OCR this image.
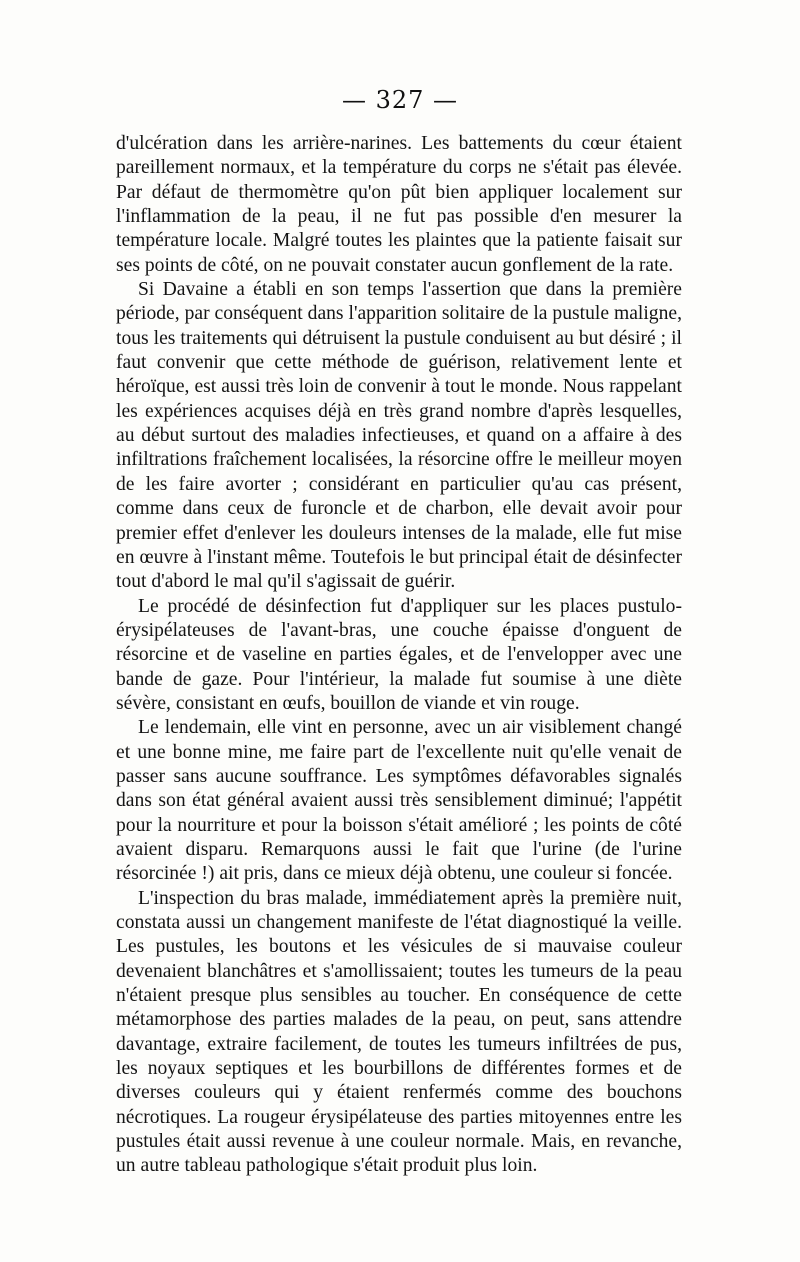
— 327 —

d'ulcération dans les arrière-narines. Les battements du cœur étaient pareillement normaux, et la température du corps ne s'était pas élevée. Par défaut de thermomètre qu'on pût bien appliquer localement sur l'inflammation de la peau, il ne fut pas possible d'en mesurer la température locale. Malgré toutes les plaintes que la patiente faisait sur ses points de côté, on ne pouvait constater aucun gonflement de la rate.

Si Davaine a établi en son temps l'assertion que dans la première période, par conséquent dans l'apparition solitaire de la pustule maligne, tous les traitements qui détruisent la pustule conduisent au but désiré ; il faut convenir que cette méthode de guérison, relativement lente et héroïque, est aussi très loin de convenir à tout le monde. Nous rappelant les expériences acquises déjà en très grand nombre d'après lesquelles, au début surtout des maladies infectieuses, et quand on a affaire à des infiltrations fraîchement localisées, la résorcine offre le meilleur moyen de les faire avorter ; considérant en particulier qu'au cas présent, comme dans ceux de furoncle et de charbon, elle devait avoir pour premier effet d'enlever les douleurs intenses de la malade, elle fut mise en œuvre à l'instant même. Toutefois le but principal était de désinfecter tout d'abord le mal qu'il s'agissait de guérir.

Le procédé de désinfection fut d'appliquer sur les places pustulo-érysipélateuses de l'avant-bras, une couche épaisse d'onguent de résorcine et de vaseline en parties égales, et de l'envelopper avec une bande de gaze. Pour l'intérieur, la malade fut soumise à une diète sévère, consistant en œufs, bouillon de viande et vin rouge.

Le lendemain, elle vint en personne, avec un air visiblement changé et une bonne mine, me faire part de l'excellente nuit qu'elle venait de passer sans aucune souffrance. Les symptômes défavorables signalés dans son état général avaient aussi très sensiblement diminué; l'appétit pour la nourriture et pour la boisson s'était amélioré ; les points de côté avaient disparu. Remarquons aussi le fait que l'urine (de l'urine résorcinée !) ait pris, dans ce mieux déjà obtenu, une couleur si foncée.

L'inspection du bras malade, immédiatement après la première nuit, constata aussi un changement manifeste de l'état diagnostiqué la veille. Les pustules, les boutons et les vésicules de si mauvaise couleur devenaient blanchâtres et s'amollissaient; toutes les tumeurs de la peau n'étaient presque plus sensibles au toucher. En conséquence de cette métamorphose des parties malades de la peau, on peut, sans attendre davantage, extraire facilement, de toutes les tumeurs infiltrées de pus, les noyaux septiques et les bourbillons de différentes formes et de diverses couleurs qui y étaient renfermés comme des bouchons nécrotiques. La rougeur érysipélateuse des parties mitoyennes entre les pustules était aussi revenue à une couleur normale. Mais, en revanche, un autre tableau pathologique s'était produit plus loin.
